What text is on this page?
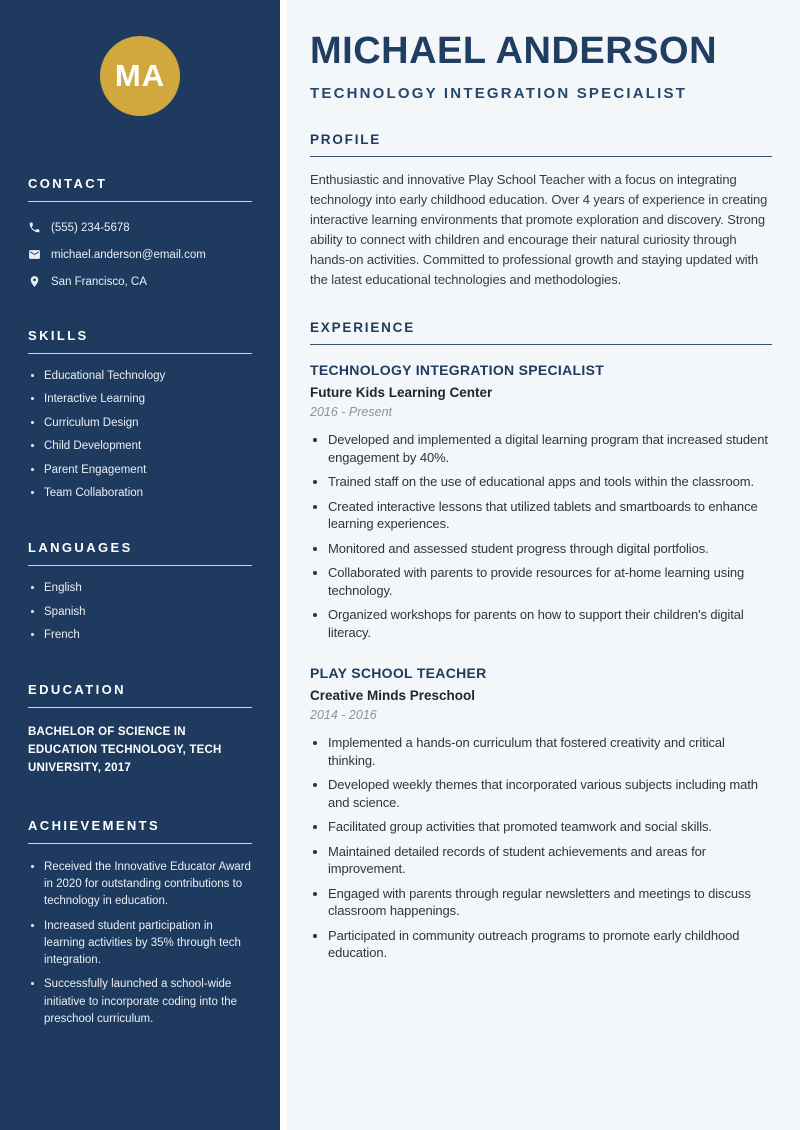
MA
CONTACT
(555) 234-5678
michael.anderson@email.com
San Francisco, CA
SKILLS
• Educational Technology
• Interactive Learning
• Curriculum Design
• Child Development
• Parent Engagement
• Team Collaboration
LANGUAGES
• English
• Spanish
• French
EDUCATION

BACHELOR OF SCIENCE IN EDUCATION TECHNOLOGY, TECH UNIVERSITY, 2017

ACHIEVEMENTS
• Received the Innovative Educator Award in 2020 for outstanding contributions to technology in education.
• Increased student participation in learning activities by 35% through tech integration.
• Successfully launched a school-wide initiative to incorporate coding into the preschool curriculum.
MICHAEL ANDERSON
TECHNOLOGY INTEGRATION SPECIALIST
PROFILE

Enthusiastic and innovative Play School Teacher with a focus on integrating technology into early childhood education. Over 4 years of experience in creating interactive learning environments that promote exploration and discovery. Strong ability to connect with children and encourage their natural curiosity through hands-on activities. Committed to professional growth and staying updated with the latest educational technologies and methodologies.

EXPERIENCE
TECHNOLOGY INTEGRATION SPECIALIST
Future Kids Learning Center
2016 - Present
• Developed and implemented a digital learning program that increased student engagement by 40%.
• Trained staff on the use of educational apps and tools within the classroom.
• Created interactive lessons that utilized tablets and smartboards to enhance learning experiences.
• Monitored and assessed student progress through digital portfolios.
• Collaborated with parents to provide resources for at-home learning using technology.
• Organized workshops for parents on how to support their children's digital literacy.
PLAY SCHOOL TEACHER
Creative Minds Preschool
2014 - 2016
• Implemented a hands-on curriculum that fostered creativity and critical thinking.
• Developed weekly themes that incorporated various subjects including math and science.
• Facilitated group activities that promoted teamwork and social skills.
• Maintained detailed records of student achievements and areas for improvement.
• Engaged with parents through regular newsletters and meetings to discuss classroom happenings.
• Participated in community outreach programs to promote early childhood education.
